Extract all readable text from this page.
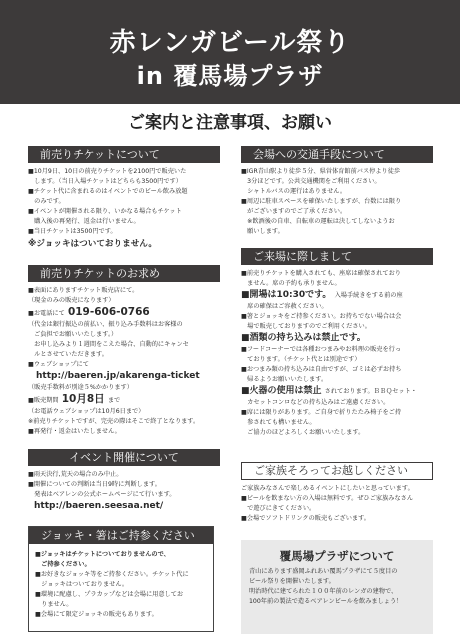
赤レンガビール祭り
in 覆馬場プラザ
ご案内と注意事項、お願い
前売りチケットについて
■10月9日、10日の前売りチケットを2100円で販売いた
　します。（当日入場チケットはどちらも3500円です）
■チケット代に含まれるのはイベントでのビール飲み放題
　のみです。
■イベントが開催される限り、いかなる場合もチケット
　購入後の再発行、返金は行いません。
■当日チケットは3500円です。
※ジョッキはついておりません。
前売りチケットのお求め
■表面にありますチケット販売店にて。
（現金のみの販売になります）
■お電話にて 019-606-0766
（代金は銀行振込の前払い、振り込み手数料はお客様の
　ご負担でお願いいたします。）
　お申し込みより１週間をこえた場合、自動的にキャンセ
　ルとさせていただきます。
■ウェブショップにて
http://baeren.jp/akarenga-ticket
（販売手数料が別途５%かかります）
■販売期間 10月8日 まで
（お電話ウェブショップは10月6日まで）
※前売りチケットですが、完売の際はそこで終了となります。
■再発行・返金はいたしません。
イベント開催について
■雨天決行,荒天の場合のみ中止。
■開催についての判断は当日9時に判断します。
　発表はベアレンの公式ホームページにて行います。
http://baeren.seesaa.net/
ジョッキ・箸はご持参ください
■ジョッキはチケットについておりませんので、
　ご持参ください。
■お好きなジョッキ等をご持参ください。チケット代に
　ジョッキはついておりません。
■環境に配慮し、プラカップなどは会場に用意してお
　りません。
■会場にて限定ジョッキの販売もあります。
会場への交通手段について
■IGR青山駅より徒歩５分、県営体育館前バス停より徒歩
　3分ほどです。公共交通機関をご利用ください。
　シャトルバスの運行はありません。
■周辺に駐車スペースを確保いたしますが、台数には限り
　がございますのでご了承ください。
　※飲酒後の自車、自転車の運転は決してしないようお
　願いします。
ご来場に際しまして
■前売りチケットを購入されても、座席は確保されており
　ません。席の予約も承りません。
■開場は10:30です。 入場手続きをする前の座
　席の確保はご容赦ください。
■箸とジョッキをご持参ください。お持ちでない場合は会
　場で販売しておりますのでご利用ください。
■酒類の持ち込みは禁止です。
■フードコーナーでは各種おつまみやお料理の販売を行っ
　ております。（チケット代とは別途です）
■おつまみ類の持ち込みは自由ですが、ゴミは必ずお持ち
　帰るようお願いいたします。
■火器の使用は禁止 されております。ＢＢＱセット・
　カセットコンロなどの持ち込みはご遠慮ください。
■席には限りがあります。ご自身で折りたたみ椅子をご持
　参されても構いません。
　ご協力のほどよろしくお願いいたします。
ご家族そろってお越しください
ご家族みなさんで楽しめるイベントにしたいと思っています。
■ビールを飲まない方の入場は無料です。ぜひご家族みなさん
　で遊びにきてください。
■会場でソフトドリンクの販売もございます。
覆馬場プラザについて
青山にあります盛岡ふれあい覆馬プラザにて５度目の
ビール祭りを開催いたします。
明治時代に建てられた１００年前のレンガの建物で、
100年前の製法で造るベアレンビールを飲みましょう！
